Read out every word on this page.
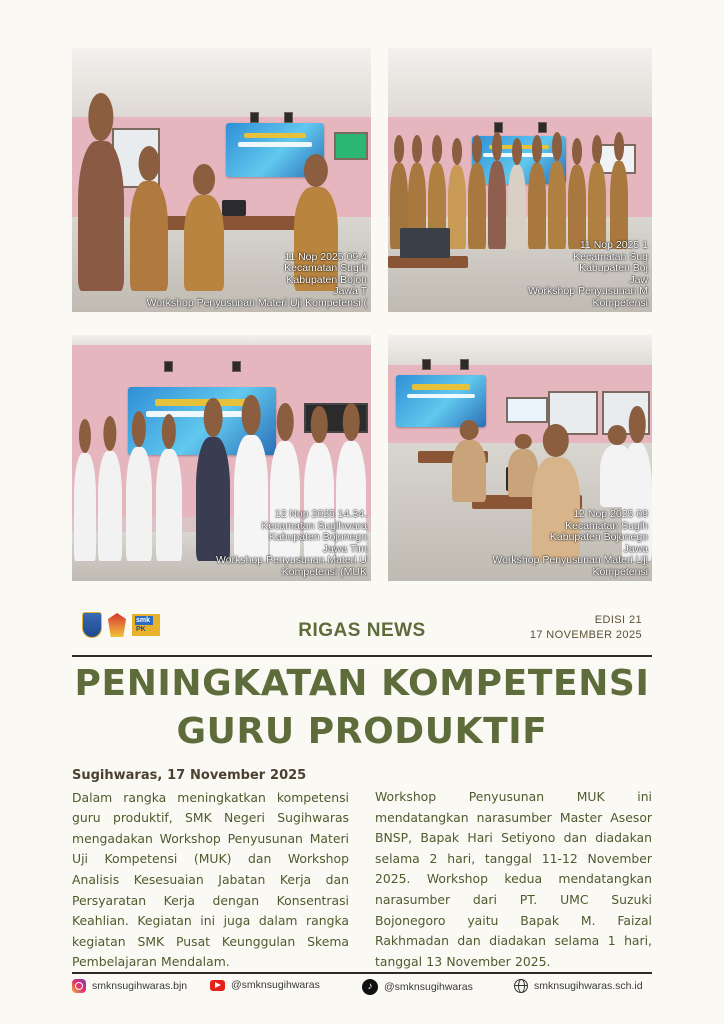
11 Nop 2025 09.4
Kecamatan Sugih
Kabupaten Bojon
Jawa T
Workshop Penyusunan Materi Uji Kompetensi (
11 Nop 2025 1
Kecamatan Sug
Kabupaten Boj
Jaw
Workshop Penyusunan M
Kompetensi
12 Nop 2025 14.34.
Kecamatan Sugihwara
Kabupaten Bojonego
Jawa Tim
Workshop Penyusunan Materi U
Kompetensi (MUK
12 Nop 2025 09
Kecamatan Sugih
Kabupaten Bojonego
Jawa
Workshop Penyusunan Materi Uji
Kompetensi
smk
PK	RIGAS NEWS	EDISI 21
17 NOVEMBER 2025
PENINGKATAN KOMPETENSI
GURU PRODUKTIF
Sugihwaras, 17 November 2025

Dalam rangka meningkatkan kompetensi guru produktif, SMK Negeri Sugihwaras mengadakan Workshop Penyusunan Materi Uji Kompetensi (MUK) dan Workshop Analisis Kesesuaian Jabatan Kerja dan Persyaratan Kerja dengan Konsentrasi Keahlian. Kegiatan ini juga dalam rangka kegiatan SMK Pusat Keunggulan Skema Pembelajaran Mendalam.

Workshop Penyusunan MUK ini mendatangkan narasumber Master Asesor BNSP, Bapak Hari Setiyono dan diadakan selama 2 hari, tanggal 11-12 November 2025. Workshop kedua mendatangkan narasumber dari PT. UMC Suzuki Bojonegoro yaitu Bapak M. Faizal Rakhmadan dan diadakan selama 1 hari, tanggal 13 November 2025.

smknsugihwaras.bjn	@smknsugihwaras	♪	@smknsugihwaras	smknsugihwaras.sch.id
